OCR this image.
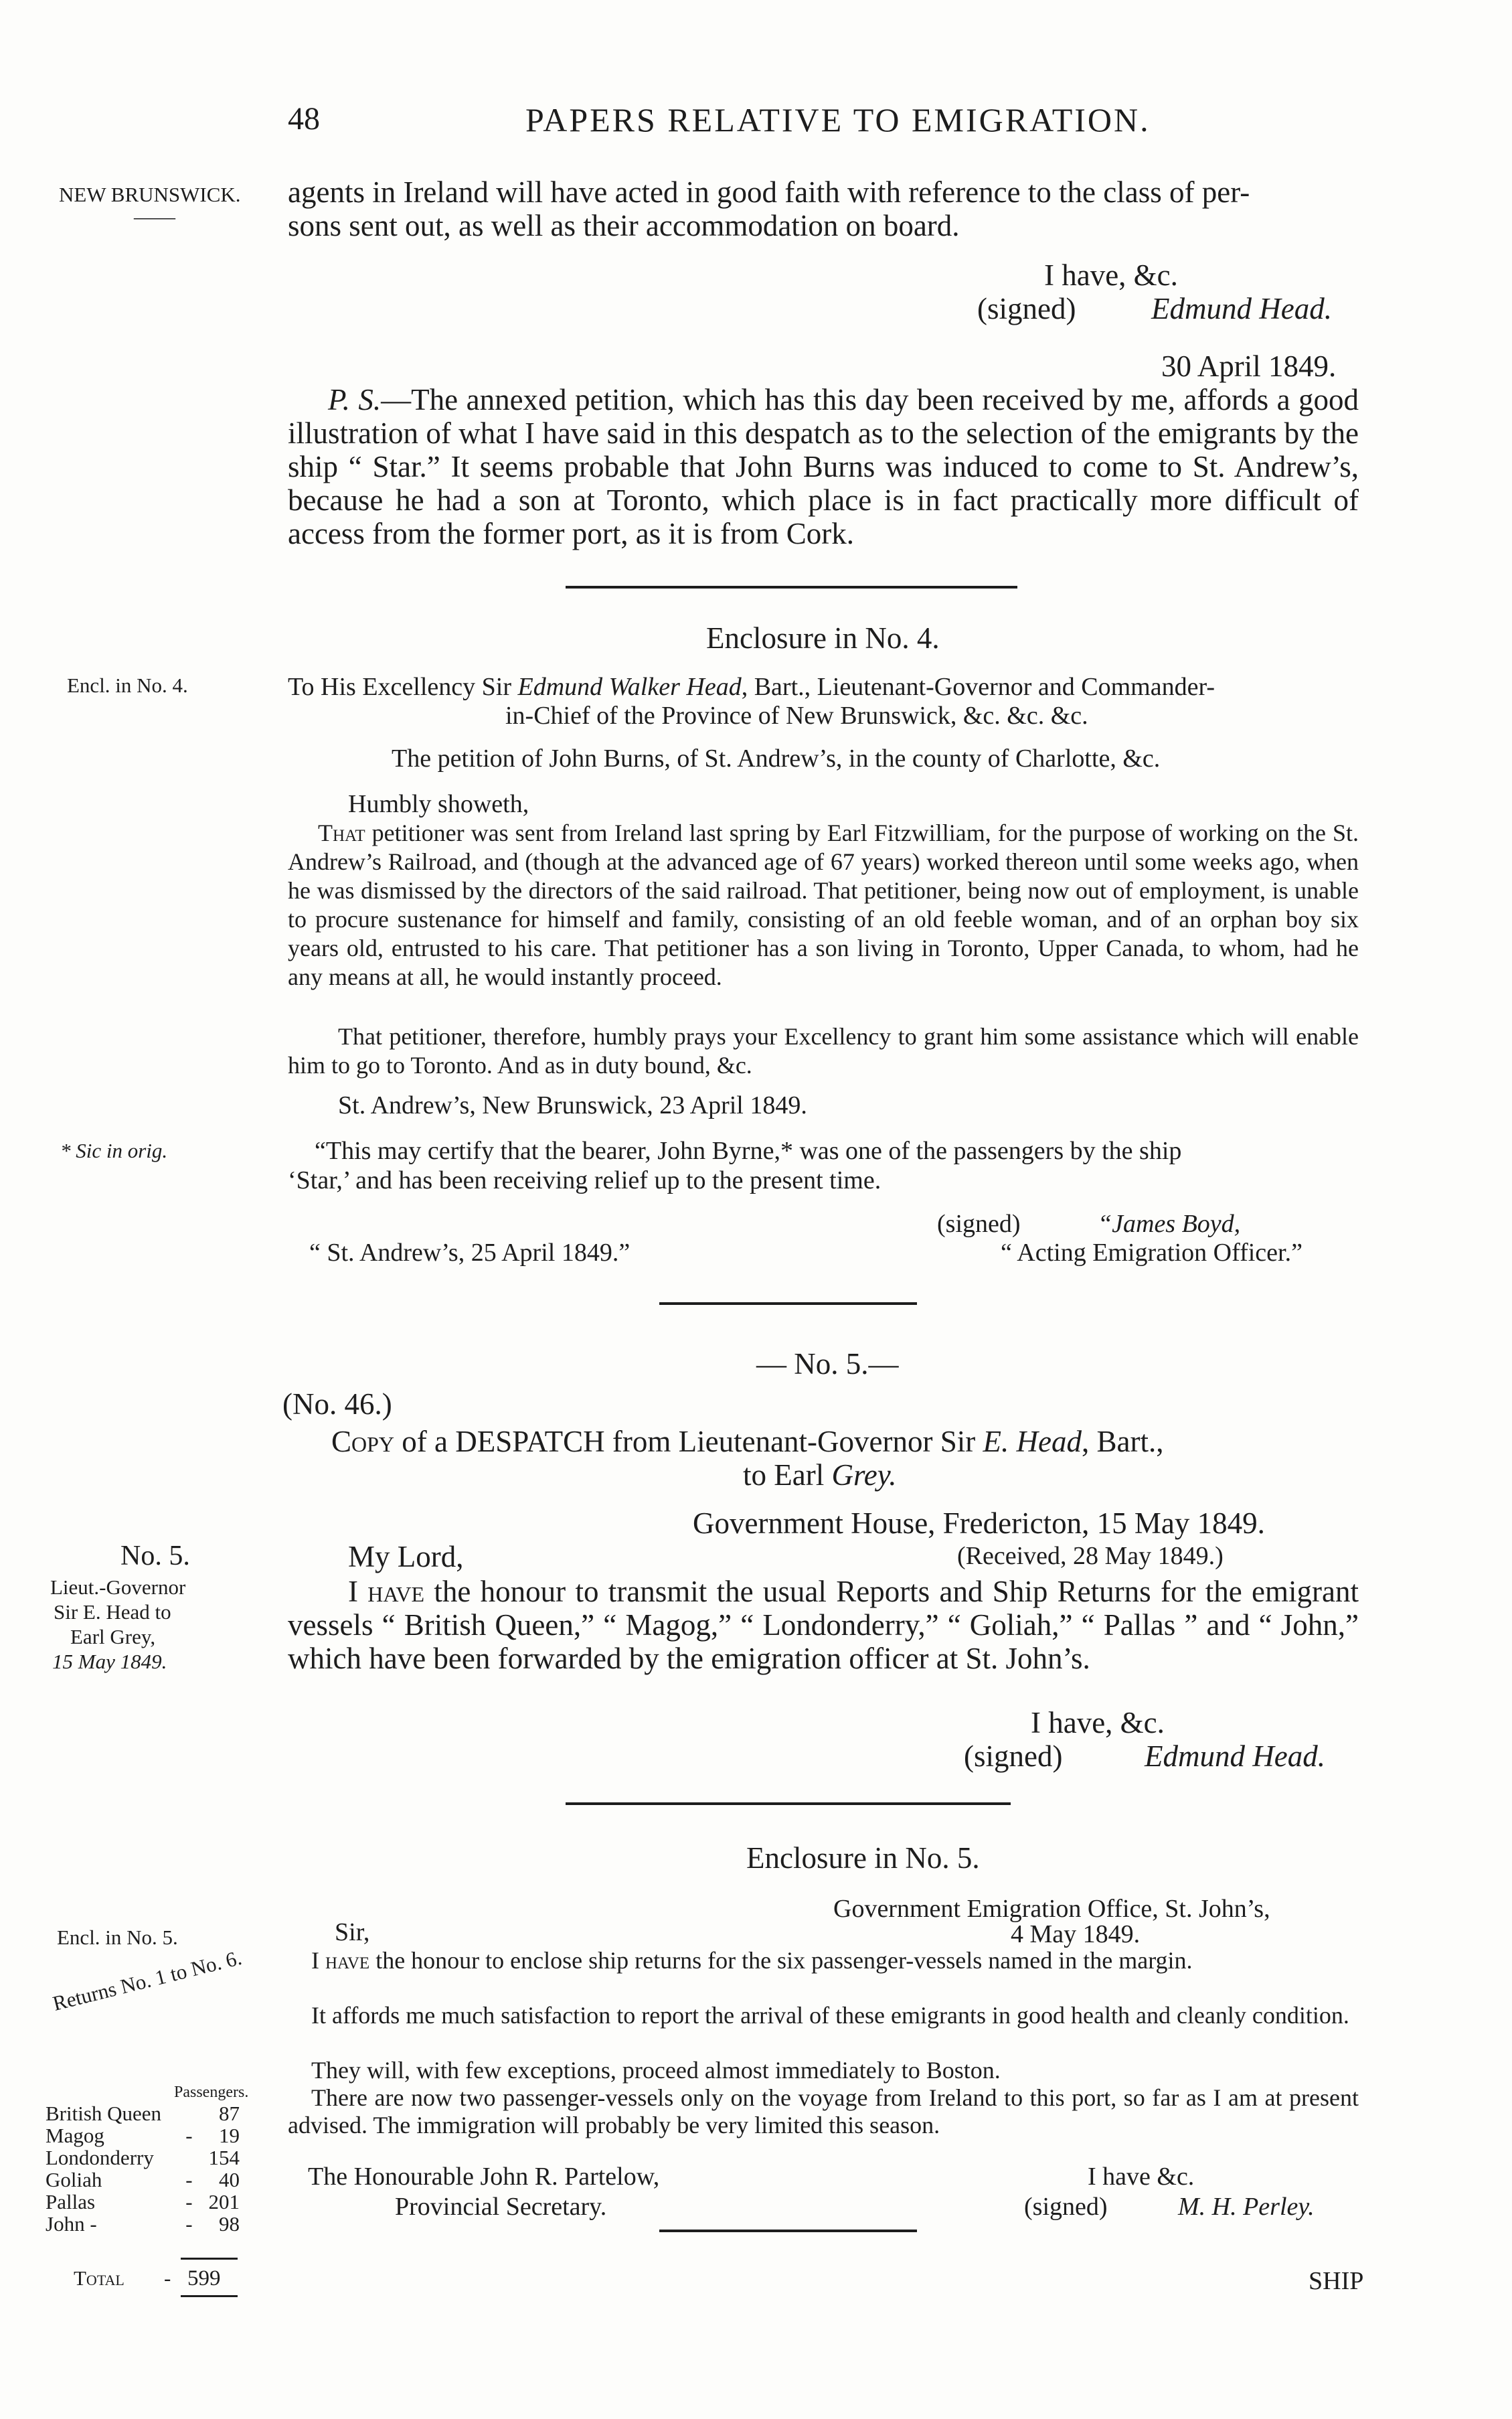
48	PAPERS RELATIVE TO EMIGRATION.
NEW BRUNSWICK.
——
agents in Ireland will have acted in good faith with reference to the class of per-
sons sent out, as well as their accommodation on board.
I have, &c.
(signed)	Edmund Head.
30 April 1849.
P. S.—The annexed petition, which has this day been received by me, affords a good illustration of what I have said in this despatch as to the selection of the emigrants by the ship “ Star.” It seems probable that John Burns was induced to come to St. Andrew’s, because he had a son at Toronto, which place is in fact practically more difficult of access from the former port, as it is from Cork.
Enclosure in No. 4.
Encl. in No. 4.	To His Excellency Sir Edmund Walker Head, Bart., Lieutenant-Governor and Commander-
in-Chief of the Province of New Brunswick, &c. &c. &c.
The petition of John Burns, of St. Andrew’s, in the county of Charlotte, &c.
Humbly showeth,
That petitioner was sent from Ireland last spring by Earl Fitzwilliam, for the purpose of working on the St. Andrew’s Railroad, and (though at the advanced age of 67 years) worked thereon until some weeks ago, when he was dismissed by the directors of the said railroad. That petitioner, being now out of employment, is unable to procure sustenance for himself and family, consisting of an old feeble woman, and of an orphan boy six years old, entrusted to his care. That petitioner has a son living in Toronto, Upper Canada, to whom, had he any means at all, he would instantly proceed.
That petitioner, therefore, humbly prays your Excellency to grant him some assistance which will enable him to go to Toronto. And as in duty bound, &c.
St. Andrew’s, New Brunswick, 23 April 1849.
* Sic in orig.	“This may certify that the bearer, John Byrne,* was one of the passengers by the ship
‘Star,’ and has been receiving relief up to the present time.
(signed)	“James Boyd,
“ St. Andrew’s, 25 April 1849.”	“ Acting Emigration Officer.”
— No. 5.—
(No. 46.)
Copy of a DESPATCH from Lieutenant-Governor Sir E. Head, Bart.,
to Earl Grey.
Government House, Fredericton, 15 May 1849.
(Received, 28 May 1849.)
No. 5.
Lieut.-Governor
Sir E. Head to
Earl Grey,
15 May 1849.
My Lord,
I have the honour to transmit the usual Reports and Ship Returns for the emigrant vessels “ British Queen,” “ Magog,” “ Londonderry,” “ Goliah,” “ Pallas ” and “ John,” which have been forwarded by the emigration officer at St. John’s.
I have, &c.
(signed)	Edmund Head.
Enclosure in No. 5.
Government Emigration Office, St. John’s,
4 May 1849.
Encl. in No. 5.
Returns No. 1 to No. 6.
Sir,
I have the honour to enclose ship returns for the six passenger-vessels named in the margin.
It affords me much satisfaction to report the arrival of these emigrants in good health and cleanly condition.
They will, with few exceptions, proceed almost immediately to Boston.
There are now two passenger-vessels only on the voyage from Ireland to this port, so far as I am at present advised. The immigration will probably be very limited this season.
The Honourable John R. Partelow,
Provincial Secretary.
I have &c.
(signed)	M. H. Perley.
Passengers.
British Queen		87
Magog	-	19
Londonderry		154
Goliah	-	40
Pallas	-	201
John -	-	98
Total - 599	SHIP
